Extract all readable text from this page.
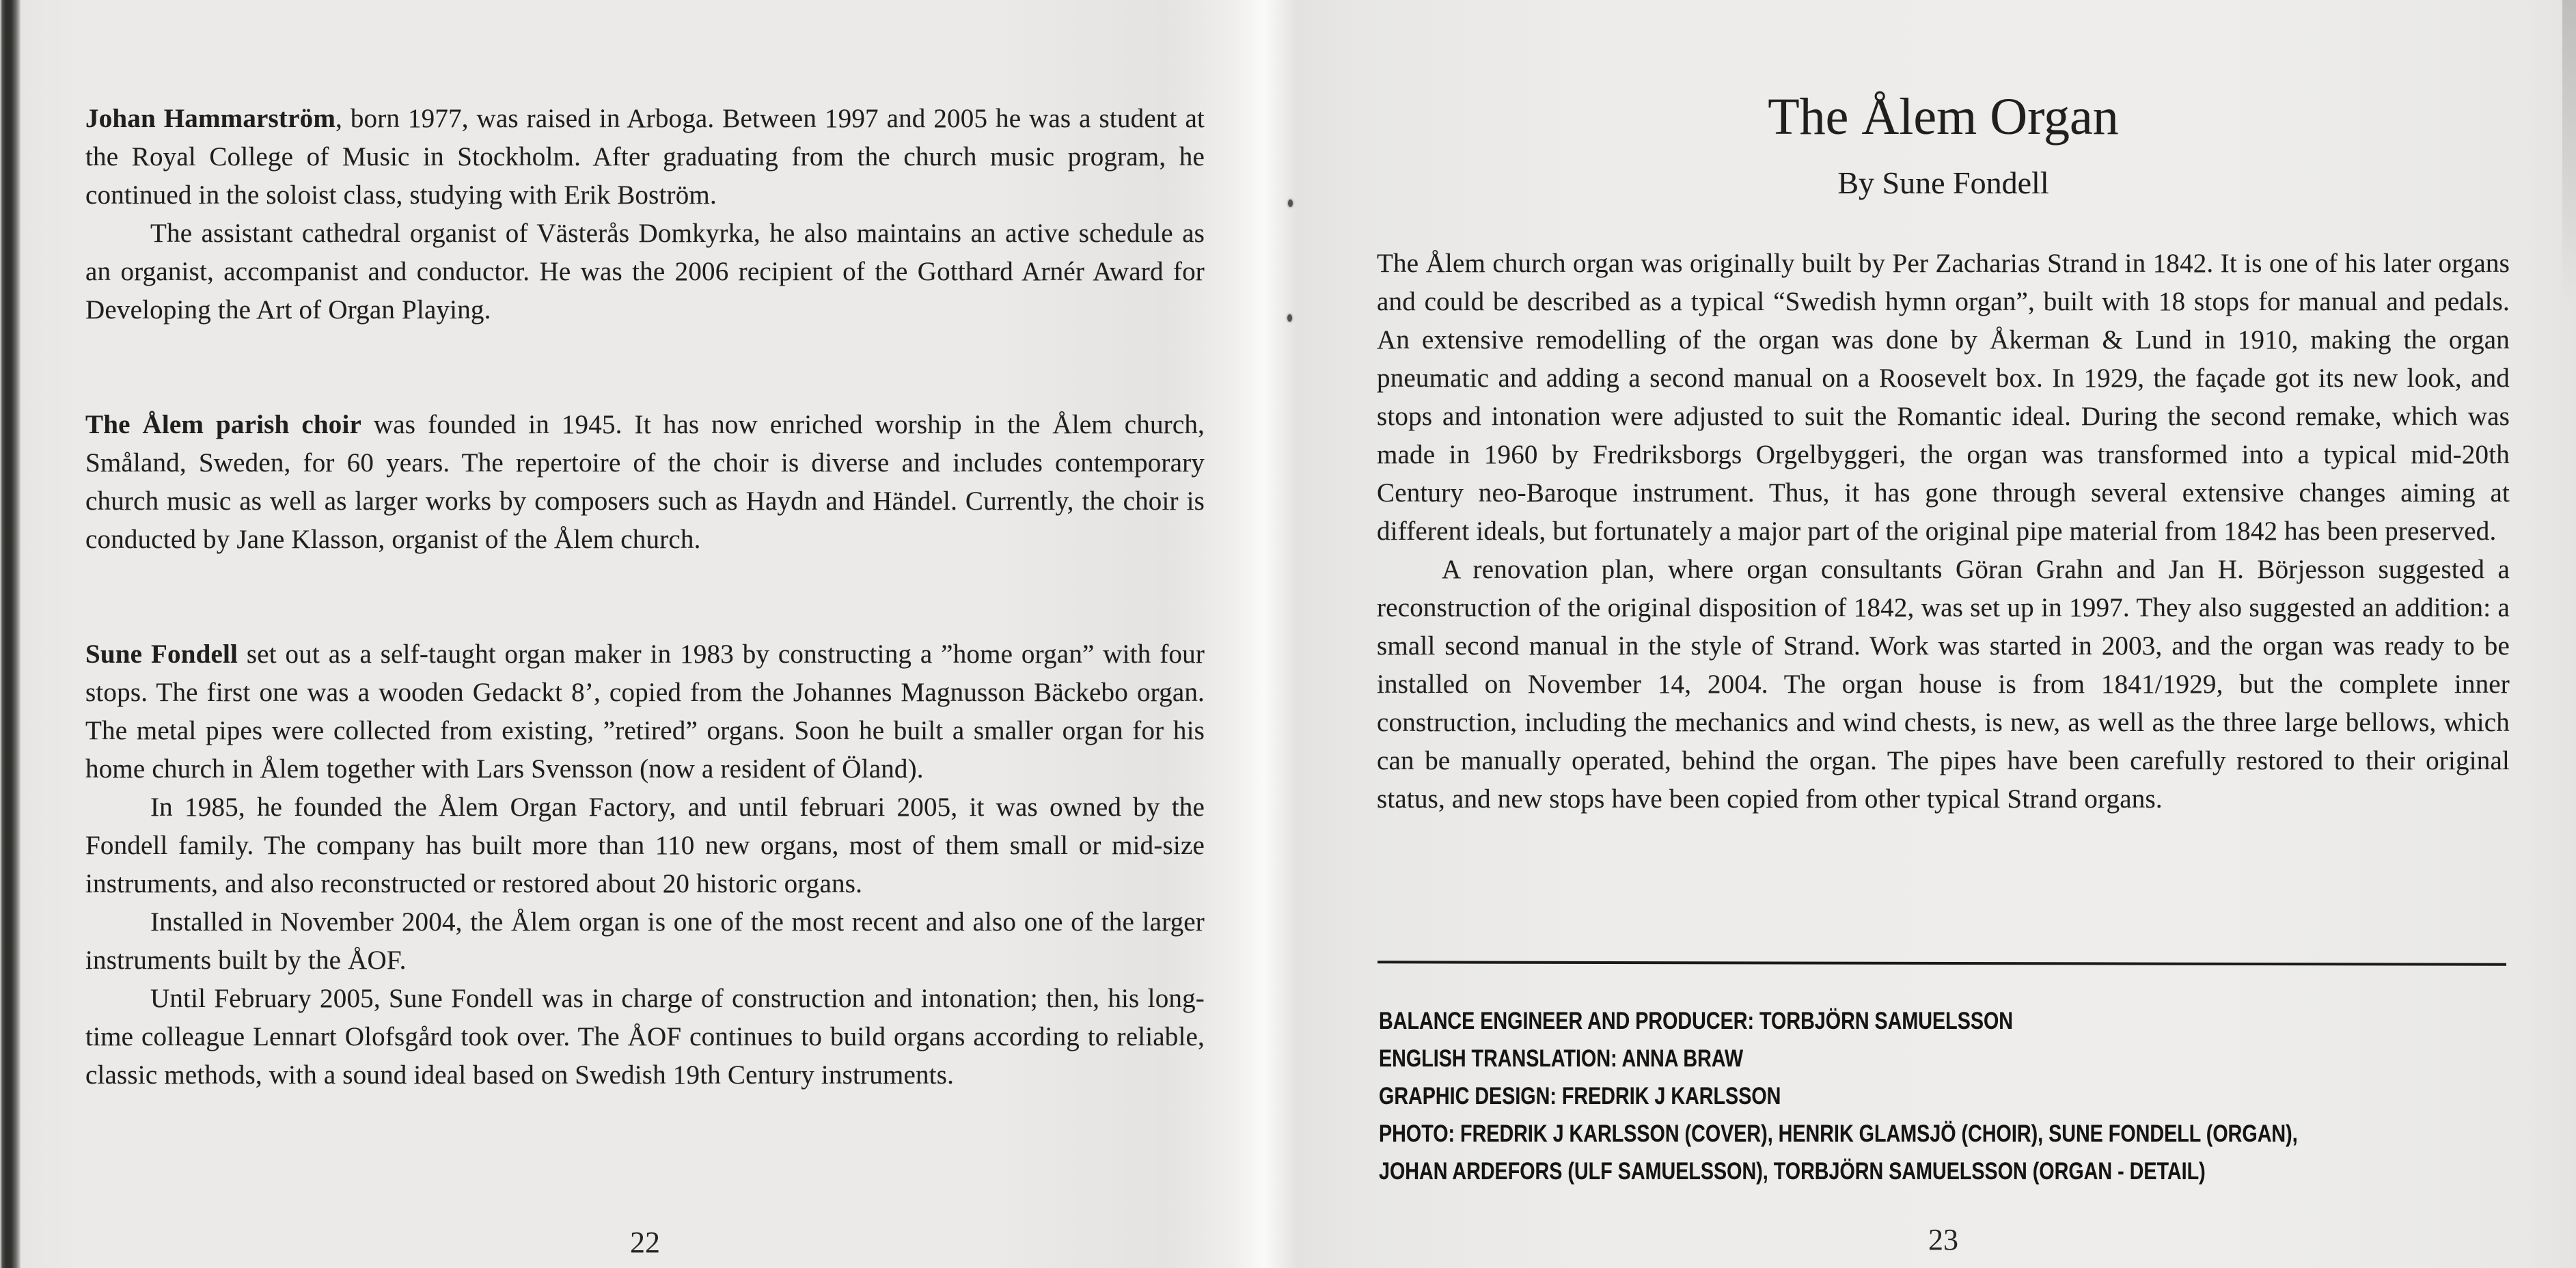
Johan Hammarström, born 1977, was raised in Arboga. Between 1997 and 2005 he was a student at the Royal College of Music in Stockholm. After graduating from the church music program, he continued in the soloist class, studying with Erik Boström.

The assistant cathedral organist of Västerås Domkyrka, he also maintains an active schedule as an organist, accompanist and conductor. He was the 2006 recipient of the Gotthard Arnér Award for Developing the Art of Organ Playing.

The Ålem parish choir was founded in 1945. It has now enriched worship in the Ålem church, Småland, Sweden, for 60 years. The repertoire of the choir is diverse and includes contemporary church music as well as larger works by composers such as Haydn and Händel. Currently, the choir is conducted by Jane Klasson, organist of the Ålem church.

Sune Fondell set out as a self-taught organ maker in 1983 by constructing a ”home organ” with four stops. The first one was a wooden Gedackt 8’, copied from the Johannes Magnusson Bäckebo organ. The metal pipes were collected from existing, ”retired” organs. Soon he built a smaller organ for his home church in Ålem together with Lars Svensson (now a resident of Öland).

In 1985, he founded the Ålem Organ Factory, and until februari 2005, it was owned by the Fondell family. The company has built more than 110 new organs, most of them small or mid-size instruments, and also reconstructed or restored about 20 historic organs.

Installed in November 2004, the Ålem organ is one of the most recent and also one of the larger instruments built by the ÅOF.

Until February 2005, Sune Fondell was in charge of construction and intonation; then, his long-time colleague Lennart Olofsgård took over. The ÅOF continues to build organs according to reliable, classic methods, with a sound ideal based on Swedish 19th Century instruments.

22
The Ålem Organ
By Sune Fondell

The Ålem church organ was originally built by Per Zacharias Strand in 1842. It is one of his later organs and could be described as a typical “Swedish hymn organ”, built with 18 stops for manual and pedals. An extensive remodelling of the organ was done by Åkerman & Lund in 1910, making the organ pneumatic and adding a second manual on a Roosevelt box. In 1929, the façade got its new look, and stops and intonation were adjusted to suit the Romantic ideal. During the second remake, which was made in 1960 by Fredriksborgs Orgelbyggeri, the organ was transformed into a typical mid-20th Century neo-Baroque instrument. Thus, it has gone through several extensive changes aiming at different ideals, but fortunately a major part of the original pipe material from 1842 has been preserved.

A renovation plan, where organ consultants Göran Grahn and Jan H. Börjesson suggested a reconstruction of the original disposition of 1842, was set up in 1997. They also suggested an addition: a small second manual in the style of Strand. Work was started in 2003, and the organ was ready to be installed on November 14, 2004. The organ house is from 1841/1929, but the complete inner construction, including the mechanics and wind chests, is new, as well as the three large bellows, which can be manually operated, behind the organ. The pipes have been carefully restored to their original status, and new stops have been copied from other typical Strand organs.

BALANCE ENGINEER AND PRODUCER: TORBJÖRN SAMUELSSON
ENGLISH TRANSLATION: ANNA BRAW
GRAPHIC DESIGN: FREDRIK J KARLSSON
PHOTO: FREDRIK J KARLSSON (COVER), HENRIK GLAMSJÖ (CHOIR), SUNE FONDELL (ORGAN),
JOHAN ARDEFORS (ULF SAMUELSSON), TORBJÖRN SAMUELSSON (ORGAN - DETAIL)
23
